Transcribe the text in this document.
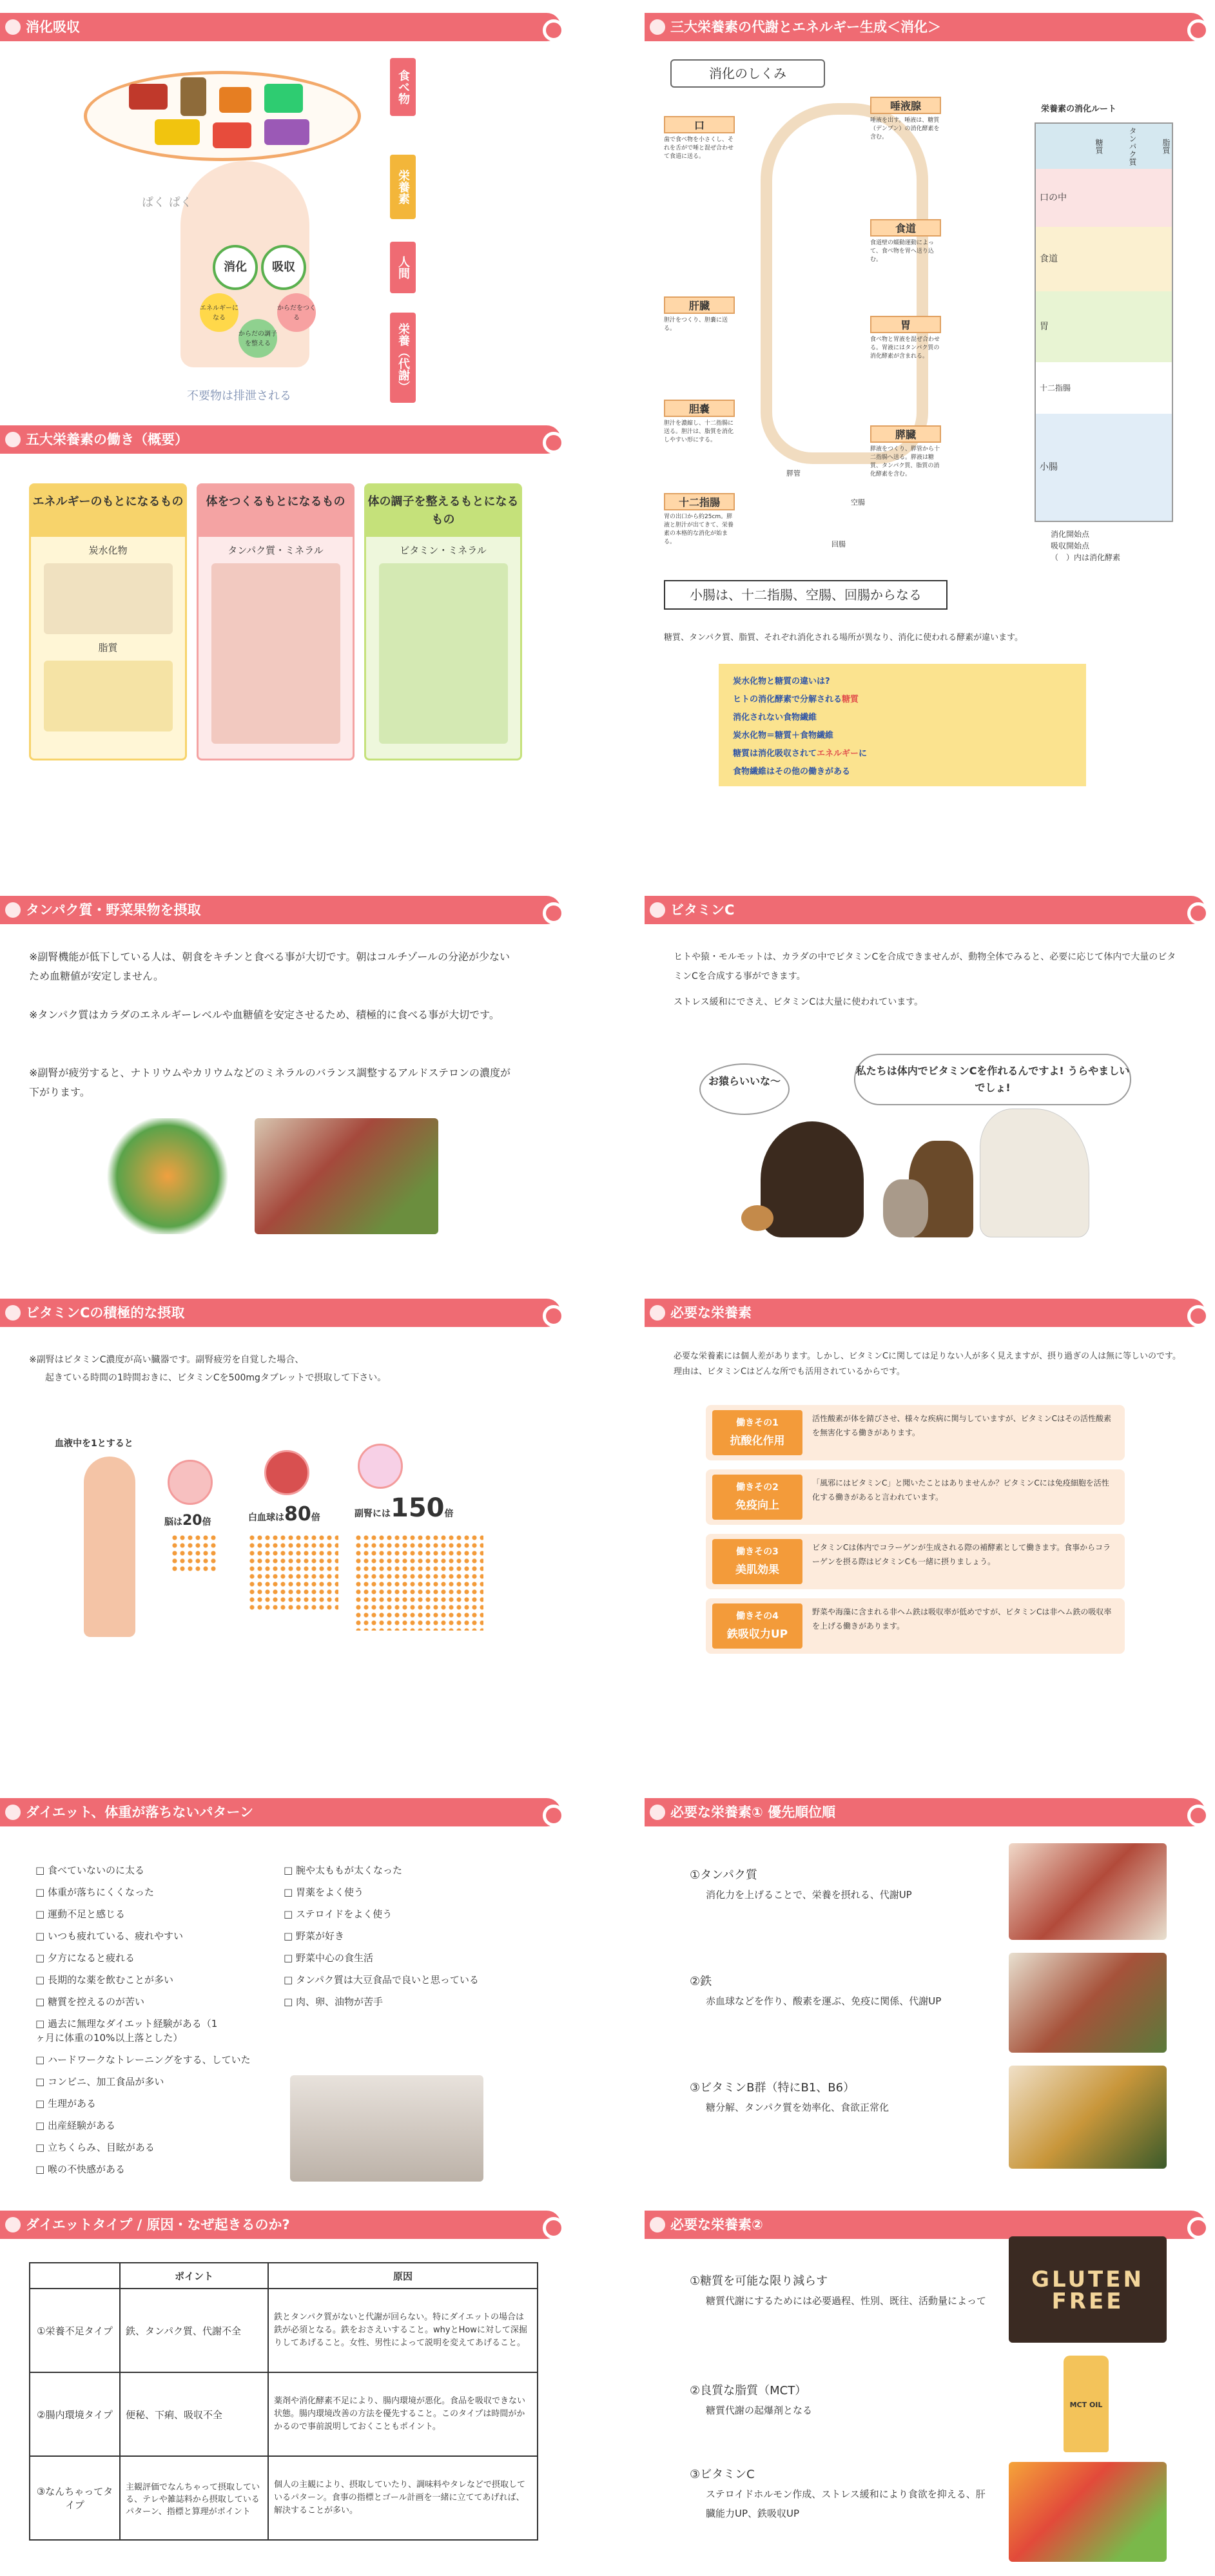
消化吸収
ぱく ぱく
消化	吸収
エネルギーになる
からだをつくる
からだの調子を整える
不要物は排泄される
食べ物
栄養素
人間
栄養（代謝）
五大栄養素の働き（概要）
エネルギーのもとになるもの
炭水化物
脂質
体をつくるもとになるもの
タンパク質・ミネラル
体の調子を整えるもとになるもの
ビタミン・ミネラル
三大栄養素の代謝とエネルギー生成＜消化＞
消化のしくみ
口
歯で食べ物を小さくし、それを舌がで唾と混ぜ合わせて食道に送る。
唾液腺
唾液を出す。唾液は、糖質（デンプン）の消化酵素を含む。
食道
食道壁の蠕動運動によって、食べ物を胃へ送り込む。
肝臓
胆汁をつくり、胆嚢に送る。	胃
食べ物と胃液を混ぜ合わせる。胃液にはタンパク質の消化酵素が含まれる。
胆嚢
胆汁を濃縮し、十二指腸に送る。胆汁は、脂質を消化しやすい形にする。	膵臓
膵液をつくり、膵管から十二指腸へ送る。膵液は糖質、タンパク質、脂質の消化酵素を含む。
十二指腸
胃の出口から約25cm。膵液と胆汁が出てきて、栄養素の本格的な消化が始まる。
膵管
空腸
回腸
栄養素の消化ルート
糖質	タンパク質	脂質
口の中
食道
胃
十二指腸
小腸
消化開始点
吸収開始点
（　）内は消化酵素
小腸は、十二指腸、空腸、回腸からなる
糖質、タンパク質、脂質、それぞれ消化される場所が異なり、消化に使われる酵素が違います。
炭水化物と糖質の違いは?
ヒトの消化酵素で分解される糖質
消化されない食物繊維
炭水化物＝糖質＋食物繊維
糖質は消化吸収されてエネルギーに
食物繊維はその他の働きがある
タンパク質・野菜果物を摂取
※副腎機能が低下している人は、朝食をキチンと食べる事が大切です。朝はコルチゾールの分泌が少ないため血糖値が安定しません。
※タンパク質はカラダのエネルギーレベルや血糖値を安定させるため、積極的に食べる事が大切です。
※副腎が疲労すると、ナトリウムやカリウムなどのミネラルのバランス調整するアルドステロンの濃度が下がります。
ビタミンC
ヒトや猿・モルモットは、カラダの中でビタミンCを合成できませんが、動物全体でみると、必要に応じて体内で大量のビタミンCを合成する事ができます。
ストレス緩和にでさえ、ビタミンCは大量に使われています。
お猿らいいな～
私たちは体内でビタミンCを作れるんですよ! うらやましいでしょ!
ビタミンCの積極的な摂取
※副腎はビタミンC濃度が高い臓器です。副腎疲労を自覚した場合、
起きている時間の1時間おきに、ビタミンCを500mgタブレットで摂取して下さい。
血液中を1とすると
脳は20倍	白血球は80倍	副腎には150倍
必要な栄養素
必要な栄養素には個人差があります。しかし、ビタミンCに関しては足りない人が多く見えますが、摂り過ぎの人は無に等しいのです。理由は、ビタミンCはどんな所でも活用されているからです。
働きその1
抗酸化作用
活性酸素が体を錆びさせ、様々な疾病に関与していますが、ビタミンCはその活性酸素を無害化する働きがあります。
働きその2
免疫向上
「風邪にはビタミンC」と聞いたことはありませんか？ビタミンCには免疫細胞を活性化する働きがあると言われています。
働きその3
美肌効果
ビタミンCは体内でコラーゲンが生成される際の補酵素として働きます。食事からコラーゲンを摂る際はビタミンCも一緒に摂りましょう。
働きその4
鉄吸収力UP
野菜や海藻に含まれる非ヘム鉄は吸収率が低めですが、ビタミンCは非ヘム鉄の吸収率を上げる働きがあります。
ダイエット、体重が落ちないパターン
□ 食べていないのに太る
□ 体重が落ちにくくなった
□ 運動不足と感じる
□ いつも疲れている、疲れやすい
□ 夕方になると疲れる
□ 長期的な薬を飲むことが多い
□ 糖質を控えるのが苦い
□ 過去に無理なダイエット経験がある（1ヶ月に体重の10%以上落とした）
□ ハードワークなトレーニングをする、していた
□ コンビニ、加工食品が多い
□ 生理がある
□ 出産経験がある
□ 立ちくらみ、目眩がある
□ 喉の不快感がある
□ 腕や太ももが太くなった
□ 胃薬をよく使う
□ ステロイドをよく使う
□ 野菜が好き
□ 野菜中心の食生活
□ タンパク質は大豆食品で良いと思っている
□ 肉、卵、油物が苦手
必要な栄養素① 優先順位順
①タンパク質
消化力を上げることで、栄養を摂れる、代謝UP
②鉄
赤血球などを作り、酸素を運ぶ、免疫に関係、代謝UP
③ビタミンB群（特にB1、B6）
糖分解、タンパク質を効率化、食欲正常化
ダイエットタイプ / 原因・なぜ起きるのか?
	ポイント	原因
①栄養不足タイプ	鉄、タンパク質、代謝不全	鉄とタンパク質がないと代謝が回らない。特にダイエットの場合は鉄が必須となる。鉄をおさえいすること。whyとHowに対して深掘りしてあげること。女性、男性によって説明を変えてあげること。
②腸内環境タイプ	便秘、下痢、吸収不全	薬剤や消化酵素不足により、腸内環境が悪化。食品を吸収できない状態。腸内環境改善の方法を優先すること。このタイプは時間がかかるので事前説明しておくこともポイント。
③なんちゃってタイプ	主観評価でなんちゃって摂取している、テレや雑誌料から摂取しているパターン、指標と算理がポイント	個人の主観により、摂取していたり、調味料やタレなどで摂取しているパターン。食事の指標とゴール計画を一緒に立ててあげれば、解決することが多い。
必要な栄養素②
①糖質を可能な限り減らす
糖質代謝にするためには必要過程、性別、既往、活動量によって
②良質な脂質（MCT）
糖質代謝の起爆剤となる
③ビタミンC
ステロイドホルモン作成、ストレス緩和により食欲を抑える、肝臓能力UP、鉄吸収UP
GLUTEN FREE
MCT OIL
